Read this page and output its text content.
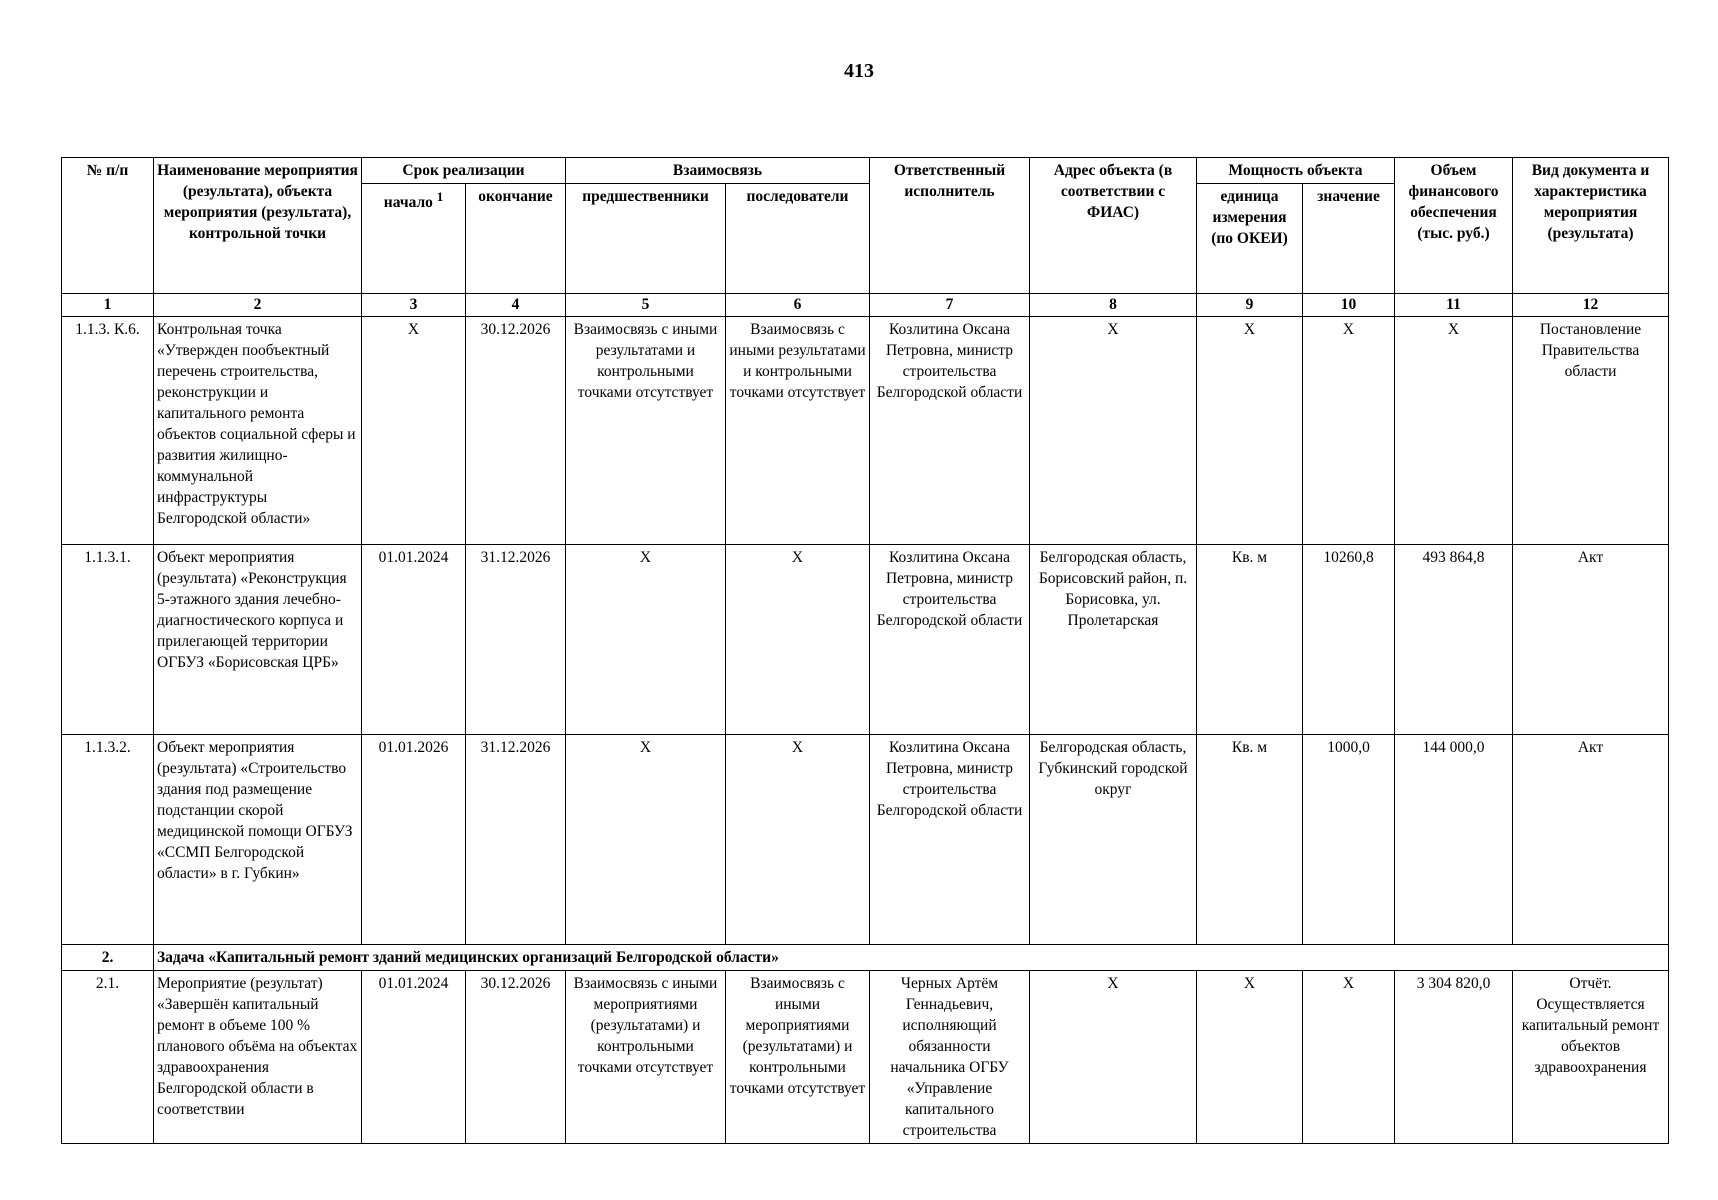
413
№ п/п	Наименование мероприятия (результата), объекта мероприятия (результата), контрольной точки	Срок реализации		Взаимосвязь		Ответственный исполнитель	Адрес объекта (в соответствии с ФИАС)	Мощность объекта		Объем финансового обеспечения (тыс. руб.)	Вид документа и характеристика мероприятия (результата)
		начало $^1$	окончание	предшественники	последователи			единица измерения (по ОКЕИ)	значение		
1	2	3	4	5	6	7	8	9	10	11	12
1.1.3. К.6.	Контрольная точка «Утвержден пообъектный перечень строительства, реконструкции и капитального ремонта объектов социальной сферы и развития жилищно-коммунальной инфраструктуры Белгородской области»	Х	30.12.2026	Взаимосвязь с иными результатами и контрольными точками отсутствует	Взаимосвязь с иными результатами и контрольными точками отсутствует	Козлитина Оксана Петровна, министр строительства Белгородской области	Х	Х	Х	Х	Постановление Правительства области
1.1.3.1.	Объект мероприятия (результата) «Реконструкция 5-этажного здания лечебно-диагностического корпуса и прилегающей территории ОГБУЗ «Борисовская ЦРБ»	01.01.2024	31.12.2026	Х	Х	Козлитина Оксана Петровна, министр строительства Белгородской области	Белгородская область, Борисовский район, п. Борисовка, ул. Пролетарская	Кв. м	10260,8	493 864,8	Акт
1.1.3.2.	Объект мероприятия (результата) «Строительство здания под размещение подстанции скорой медицинской помощи ОГБУЗ «ССМП Белгородской области» в г. Губкин»	01.01.2026	31.12.2026	Х	Х	Козлитина Оксана Петровна, министр строительства Белгородской области	Белгородская область, Губкинский городской округ	Кв. м	1000,0	144 000,0	Акт
2.	Задача «Капитальный ремонт зданий медицинских организаций Белгородской области»										
2.1.	Мероприятие (результат) «Завершён капитальный ремонт в объеме 100 % планового объёма на объектах здравоохранения Белгородской области в соответствии	01.01.2024	30.12.2026	Взаимосвязь с иными мероприятиями (результатами) и контрольными точками отсутствует	Взаимосвязь с иными мероприятиями (результатами) и контрольными точками отсутствует	Черных Артём Геннадьевич, исполняющий обязанности начальника ОГБУ «Управление капитального строительства	Х	Х	Х	3 304 820,0	Отчёт. Осуществляется капитальный ремонт объектов здравоохранения
